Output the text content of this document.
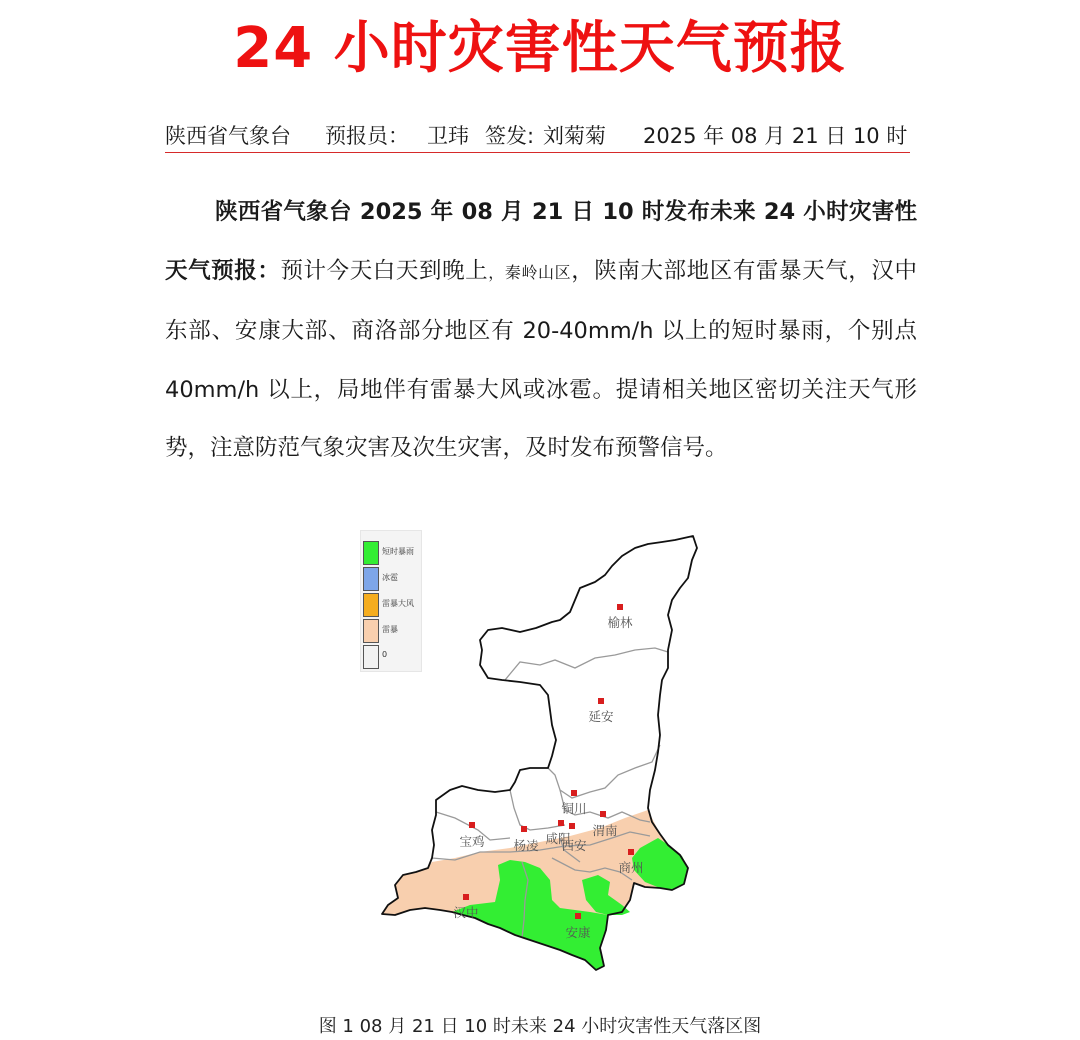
24 小时灾害性天气预报
陕西省气象台 预报员： 卫玮 签发: 刘菊菊 2025 年 08 月 21 日 10 时
陕西省气象台 2025 年 08 月 21 日 10 时发布未来 24 小时灾害性天气预报：预计今天白天到晚上，秦岭山区，陕南大部地区有雷暴天气，汉中东部、安康大部、商洛部分地区有 20-40mm/h 以上的短时暴雨，个别点 40mm/h 以上，局地伴有雷暴大风或冰雹。提请相关地区密切关注天气形势，注意防范气象灾害及次生灾害，及时发布预警信号。
榆林
延安
铜川
渭南
宝鸡 杨凌 咸阳
西安
商州
汉中
安康
短时暴雨
冰雹
雷暴大风
雷暴
0
图 1 08 月 21 日 10 时未来 24 小时灾害性天气落区图
